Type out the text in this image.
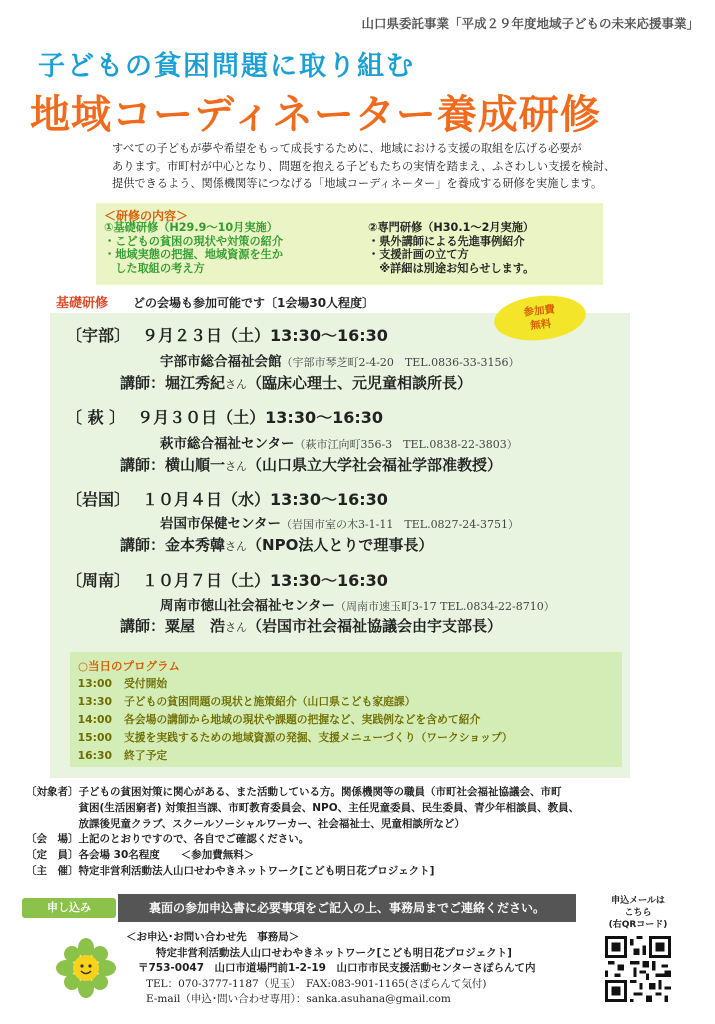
山口県委託事業「平成２９年度地域子どもの未来応援事業」
子どもの貧困問題に取り組む
地域コーディネーター養成研修
すべての子どもが夢や希望をもって成長するために、地域における支援の取組を広げる必要が
あります。市町村が中心となり、問題を抱える子どもたちの実情を踏まえ、ふさわしい支援を検討、
提供できるよう、関係機関等につなげる「地域コーディネーター」を養成する研修を実施します。
＜研修の内容＞
①基礎研修（H29.9～10月実施）
・こどもの貧困の現状や対策の紹介
・地域実態の把握、地域資源を生か
　した取組の考え方
②専門研修（H30.1～2月実施）
・県外講師による先進事例紹介
・支援計画の立て方
　※詳細は別途お知らせします。
基礎研修 どの会場も参加可能です〔1会場30人程度〕
参加費
無料
〔宇部〕 ９月２３日（土）13:30～16:30
宇部市総合福祉会館（宇部市琴芝町2-4-20　TEL.0836-33-3156）
講師：堀江秀紀さん（臨床心理士、元児童相談所長）
〔 萩 〕 ９月３０日（土）13:30～16:30
萩市総合福祉センター（萩市江向町356-3　TEL.0838-22-3803）
講師：横山順一さん（山口県立大学社会福祉学部准教授）
〔岩国〕 １０月４日（水）13:30～16:30
岩国市保健センター（岩国市室の木3-1-11　TEL.0827-24-3751）
講師：金本秀韓さん（NPO法人とりで理事長）
〔周南〕 １０月７日（土）13:30～16:30
周南市徳山社会福祉センター（周南市速玉町3-17 TEL.0834-22-8710）
講師：粟屋　浩さん（岩国市社会福祉協議会由宇支部長）
○当日のプログラム
13:00 受付開始
13:30 子どもの貧困問題の現状と施策紹介（山口県こども家庭課）
14:00 各会場の講師から地域の現状や課題の把握など、実践例などを含めて紹介
15:00 支援を実践するための地域資源の発掘、支援メニューづくり（ワークショップ）
16:30 終了予定
〔対象者〕子どもの貧困対策に関心がある、また活動している方。関係機関等の職員（市町社会福祉協議会、市町
　　　　　貧困(生活困窮者) 対策担当課、市町教育委員会、NPO、主任児童委員、民生委員、青少年相談員、教員、
　　　　　放課後児童クラブ、スクールソーシャルワーカー、社会福祉士、児童相談所など）
〔会　場〕上記のとおりですので、各自でご確認ください。
〔定　員〕各会場 30名程度　　＜参加費無料＞
〔主　催〕特定非営利活動法人山口せわやきネットワーク[こども明日花プロジェクト]
申し込み	裏面の参加申込書に必要事項をご記入の上、事務局までご連絡ください。	申込メールは
こちら
(右QRコード)
＜お申込･お問い合わせ先　事務局＞
特定非営利活動法人山口せわやきネットワーク[こども明日花プロジェクト]
〒753-0047　山口市道場門前1-2-19　山口市市民支援活動センターさぽらんて内
TEL：070-3777-1187（児玉）　FAX:083-901-1165(さぽらんて気付)
E-mail（申込･問い合わせ専用）：sanka.asuhana@gmail.com
